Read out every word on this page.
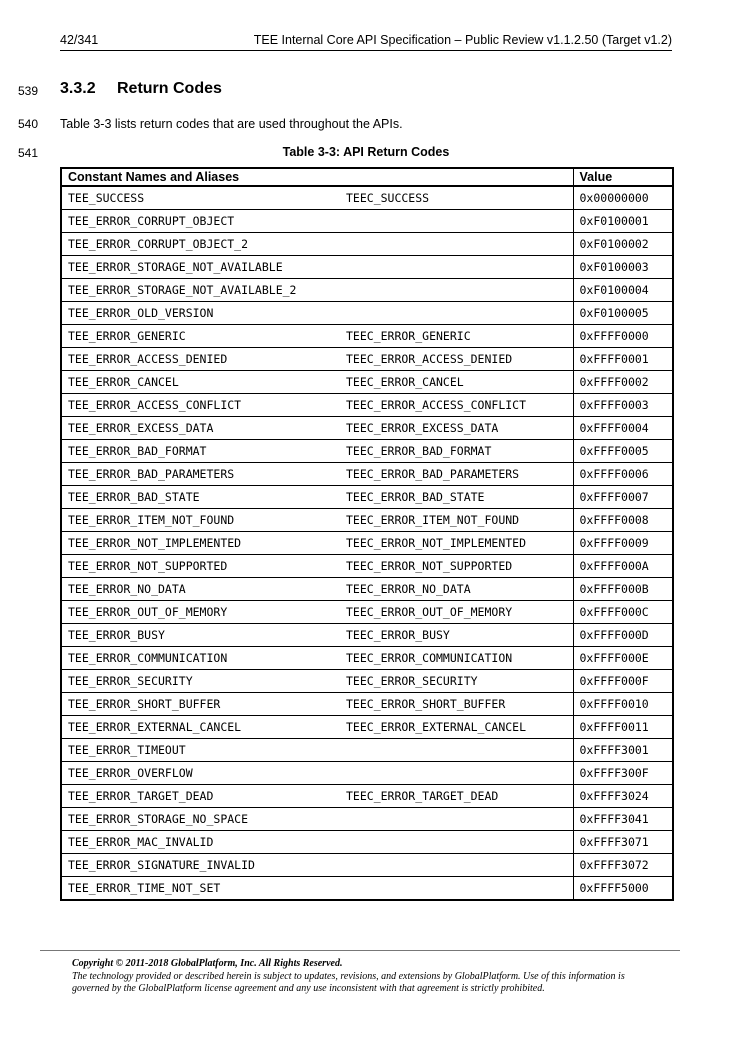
42/341	TEE Internal Core API Specification – Public Review v1.1.2.50 (Target v1.2)
539
540
541
3.3.2 Return Codes
Table 3-3 lists return codes that are used throughout the APIs.
Table 3-3: API Return Codes
Constant Names and Aliases		Value
TEE_SUCCESS	TEEC_SUCCESS	0x00000000
TEE_ERROR_CORRUPT_OBJECT		0xF0100001
TEE_ERROR_CORRUPT_OBJECT_2		0xF0100002
TEE_ERROR_STORAGE_NOT_AVAILABLE		0xF0100003
TEE_ERROR_STORAGE_NOT_AVAILABLE_2		0xF0100004
TEE_ERROR_OLD_VERSION		0xF0100005
TEE_ERROR_GENERIC	TEEC_ERROR_GENERIC	0xFFFF0000
TEE_ERROR_ACCESS_DENIED	TEEC_ERROR_ACCESS_DENIED	0xFFFF0001
TEE_ERROR_CANCEL	TEEC_ERROR_CANCEL	0xFFFF0002
TEE_ERROR_ACCESS_CONFLICT	TEEC_ERROR_ACCESS_CONFLICT	0xFFFF0003
TEE_ERROR_EXCESS_DATA	TEEC_ERROR_EXCESS_DATA	0xFFFF0004
TEE_ERROR_BAD_FORMAT	TEEC_ERROR_BAD_FORMAT	0xFFFF0005
TEE_ERROR_BAD_PARAMETERS	TEEC_ERROR_BAD_PARAMETERS	0xFFFF0006
TEE_ERROR_BAD_STATE	TEEC_ERROR_BAD_STATE	0xFFFF0007
TEE_ERROR_ITEM_NOT_FOUND	TEEC_ERROR_ITEM_NOT_FOUND	0xFFFF0008
TEE_ERROR_NOT_IMPLEMENTED	TEEC_ERROR_NOT_IMPLEMENTED	0xFFFF0009
TEE_ERROR_NOT_SUPPORTED	TEEC_ERROR_NOT_SUPPORTED	0xFFFF000A
TEE_ERROR_NO_DATA	TEEC_ERROR_NO_DATA	0xFFFF000B
TEE_ERROR_OUT_OF_MEMORY	TEEC_ERROR_OUT_OF_MEMORY	0xFFFF000C
TEE_ERROR_BUSY	TEEC_ERROR_BUSY	0xFFFF000D
TEE_ERROR_COMMUNICATION	TEEC_ERROR_COMMUNICATION	0xFFFF000E
TEE_ERROR_SECURITY	TEEC_ERROR_SECURITY	0xFFFF000F
TEE_ERROR_SHORT_BUFFER	TEEC_ERROR_SHORT_BUFFER	0xFFFF0010
TEE_ERROR_EXTERNAL_CANCEL	TEEC_ERROR_EXTERNAL_CANCEL	0xFFFF0011
TEE_ERROR_TIMEOUT		0xFFFF3001
TEE_ERROR_OVERFLOW		0xFFFF300F
TEE_ERROR_TARGET_DEAD	TEEC_ERROR_TARGET_DEAD	0xFFFF3024
TEE_ERROR_STORAGE_NO_SPACE		0xFFFF3041
TEE_ERROR_MAC_INVALID		0xFFFF3071
TEE_ERROR_SIGNATURE_INVALID		0xFFFF3072
TEE_ERROR_TIME_NOT_SET		0xFFFF5000
Copyright © 2011-2018 GlobalPlatform, Inc. All Rights Reserved.
The technology provided or described herein is subject to updates, revisions, and extensions by GlobalPlatform. Use of this information is governed by the GlobalPlatform license agreement and any use inconsistent with that agreement is strictly prohibited.
